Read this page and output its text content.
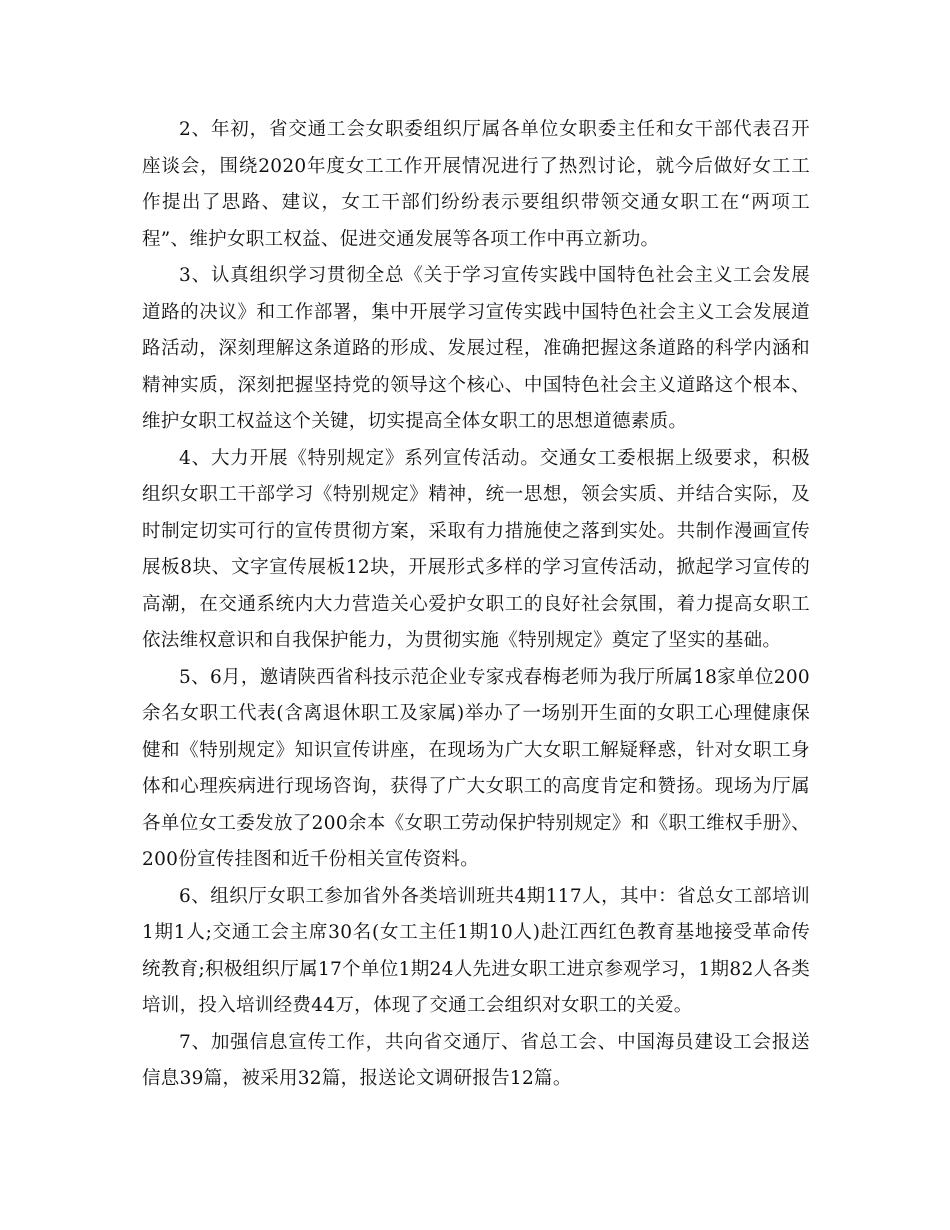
2、年初，省交通工会女职委组织厅属各单位女职委主任和女干部代表召开座谈会，围绕2020年度女工工作开展情况进行了热烈讨论，就今后做好女工工作提出了思路、建议，女工干部们纷纷表示要组织带领交通女职工在“两项工程”、维护女职工权益、促进交通发展等各项工作中再立新功。

3、认真组织学习贯彻全总《关于学习宣传实践中国特色社会主义工会发展道路的决议》和工作部署，集中开展学习宣传实践中国特色社会主义工会发展道路活动，深刻理解这条道路的形成、发展过程，准确把握这条道路的科学内涵和精神实质，深刻把握坚持党的领导这个核心、中国特色社会主义道路这个根本、维护女职工权益这个关键，切实提高全体女职工的思想道德素质。

4、大力开展《特别规定》系列宣传活动。交通女工委根据上级要求，积极组织女职工干部学习《特别规定》精神，统一思想，领会实质、并结合实际，及时制定切实可行的宣传贯彻方案，采取有力措施使之落到实处。共制作漫画宣传展板8块、文字宣传展板12块，开展形式多样的学习宣传活动，掀起学习宣传的高潮，在交通系统内大力营造关心爱护女职工的良好社会氛围，着力提高女职工依法维权意识和自我保护能力，为贯彻实施《特别规定》奠定了坚实的基础。

5、6月，邀请陕西省科技示范企业专家戎春梅老师为我厅所属18家单位200余名女职工代表(含离退休职工及家属)举办了一场别开生面的女职工心理健康保健和《特别规定》知识宣传讲座，在现场为广大女职工解疑释惑，针对女职工身体和心理疾病进行现场咨询，获得了广大女职工的高度肯定和赞扬。现场为厅属各单位女工委发放了200余本《女职工劳动保护特别规定》和《职工维权手册》、200份宣传挂图和近千份相关宣传资料。

6、组织厅女职工参加省外各类培训班共4期117人，其中：省总女工部培训1期1人;交通工会主席30名(女工主任1期10人)赴江西红色教育基地接受革命传统教育;积极组织厅属17个单位1期24人先进女职工进京参观学习，1期82人各类培训，投入培训经费44万，体现了交通工会组织对女职工的关爱。

7、加强信息宣传工作，共向省交通厅、省总工会、中国海员建设工会报送信息39篇，被采用32篇，报送论文调研报告12篇。
